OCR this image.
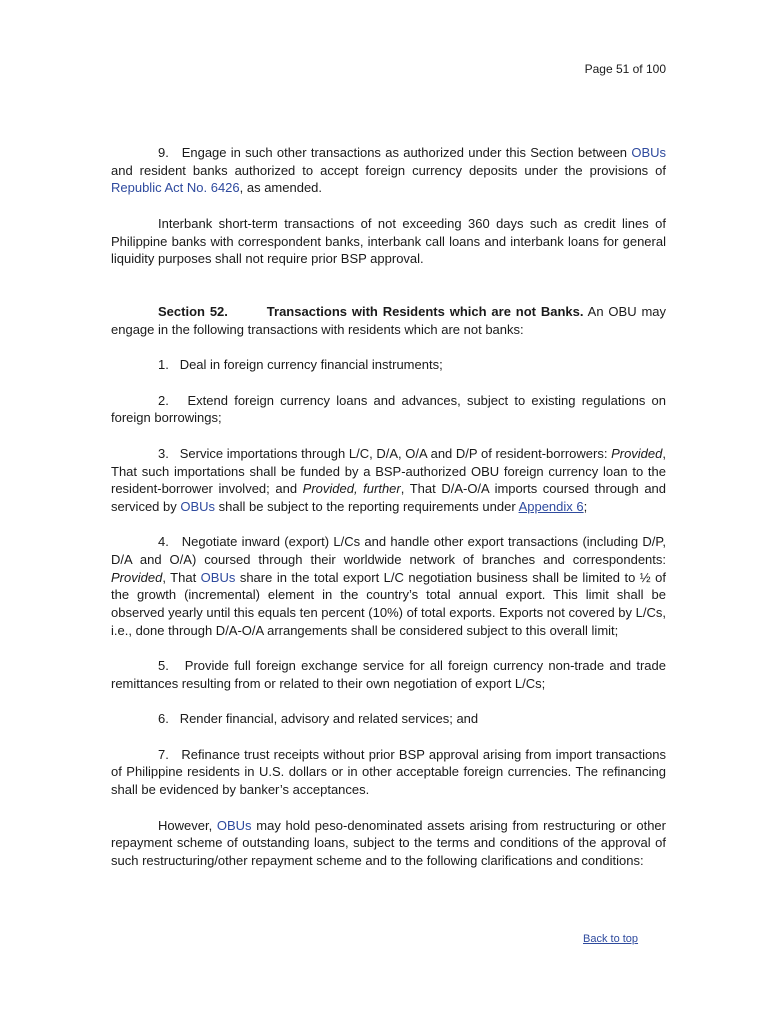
Page 51 of 100

9. Engage in such other transactions as authorized under this Section between OBUs and resident banks authorized to accept foreign currency deposits under the provisions of Republic Act No. 6426, as amended.

Interbank short-term transactions of not exceeding 360 days such as credit lines of Philippine banks with correspondent banks, interbank call loans and interbank loans for general liquidity purposes shall not require prior BSP approval.

Section 52.	Transactions with Residents which are not Banks. An OBU may engage in the following transactions with residents which are not banks:

1. Deal in foreign currency financial instruments;

2. Extend foreign currency loans and advances, subject to existing regulations on foreign borrowings;

3. Service importations through L/C, D/A, O/A and D/P of resident-borrowers: Provided, That such importations shall be funded by a BSP-authorized OBU foreign currency loan to the resident-borrower involved; and Provided, further, That D/A-O/A imports coursed through and serviced by OBUs shall be subject to the reporting requirements under Appendix 6;

4. Negotiate inward (export) L/Cs and handle other export transactions (including D/P, D/A and O/A) coursed through their worldwide network of branches and correspondents: Provided, That OBUs share in the total export L/C negotiation business shall be limited to ½ of the growth (incremental) element in the country’s total annual export. This limit shall be observed yearly until this equals ten percent (10%) of total exports. Exports not covered by L/Cs, i.e., done through D/A-O/A arrangements shall be considered subject to this overall limit;

5. Provide full foreign exchange service for all foreign currency non-trade and trade remittances resulting from or related to their own negotiation of export L/Cs;

6. Render financial, advisory and related services; and

7. Refinance trust receipts without prior BSP approval arising from import transactions of Philippine residents in U.S. dollars or in other acceptable foreign currencies. The refinancing shall be evidenced by banker’s acceptances.

However, OBUs may hold peso-denominated assets arising from restructuring or other repayment scheme of outstanding loans, subject to the terms and conditions of the approval of such restructuring/other repayment scheme and to the following clarifications and conditions:

Back to top
